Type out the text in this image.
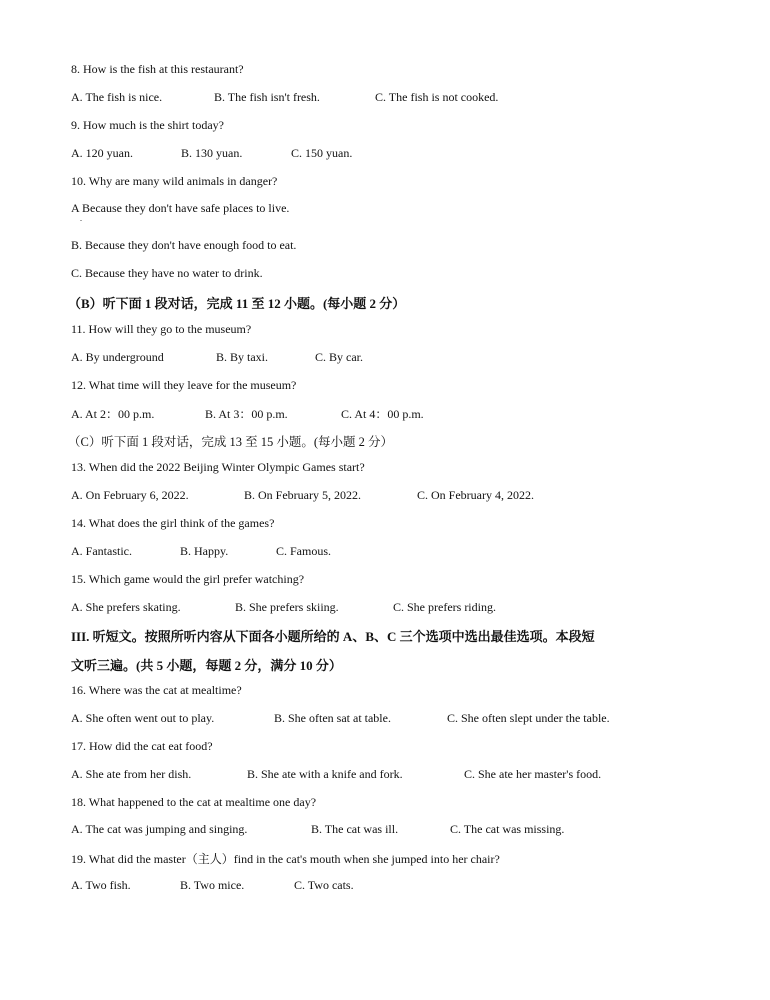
8. How is the fish at this restaurant?
A. The fish is nice.	B. The fish isn't fresh.	C. The fish is not cooked.
9. How much is the shirt today?
A. 120 yuan.	B. 130 yuan.	C. 150 yuan.
10. Why are many wild animals in danger?
A Because they don't have safe places to live.
.
B. Because they don't have enough food to eat.
C. Because they have no water to drink.
（B）听下面 1 段对话，完成 11 至 12 小题。(每小题 2 分）
11. How will they go to the museum?
A. By underground	B. By taxi.	C. By car.
12. What time will they leave for the museum?
A. At 2：00 p.m.	B. At 3：00 p.m.	C. At 4：00 p.m.
（C）听下面 1 段对话，完成 13 至 15 小题。(每小题 2 分）
13. When did the 2022 Beijing Winter Olympic Games start?
A. On February 6, 2022.	B. On February 5, 2022.	C. On February 4, 2022.
14. What does the girl think of the games?
A. Fantastic.	B. Happy.	C. Famous.
15. Which game would the girl prefer watching?
A. She prefers skating.	B. She prefers skiing.	C. She prefers riding.
III. 听短文。按照所听内容从下面各小题所给的 A、B、C 三个选项中选出最佳选项。本段短
文听三遍。(共 5 小题，每题 2 分，满分 10 分）
16. Where was the cat at mealtime?
A. She often went out to play.	B. She often sat at table.	C. She often slept under the table.
17. How did the cat eat food?
A. She ate from her dish.	B. She ate with a knife and fork.	C. She ate her master's food.
18. What happened to the cat at mealtime one day?
A. The cat was jumping and singing.	B. The cat was ill.	C. The cat was missing.
19. What did the master（主人）find in the cat's mouth when she jumped into her chair?
A. Two fish.	B. Two mice.	C. Two cats.
